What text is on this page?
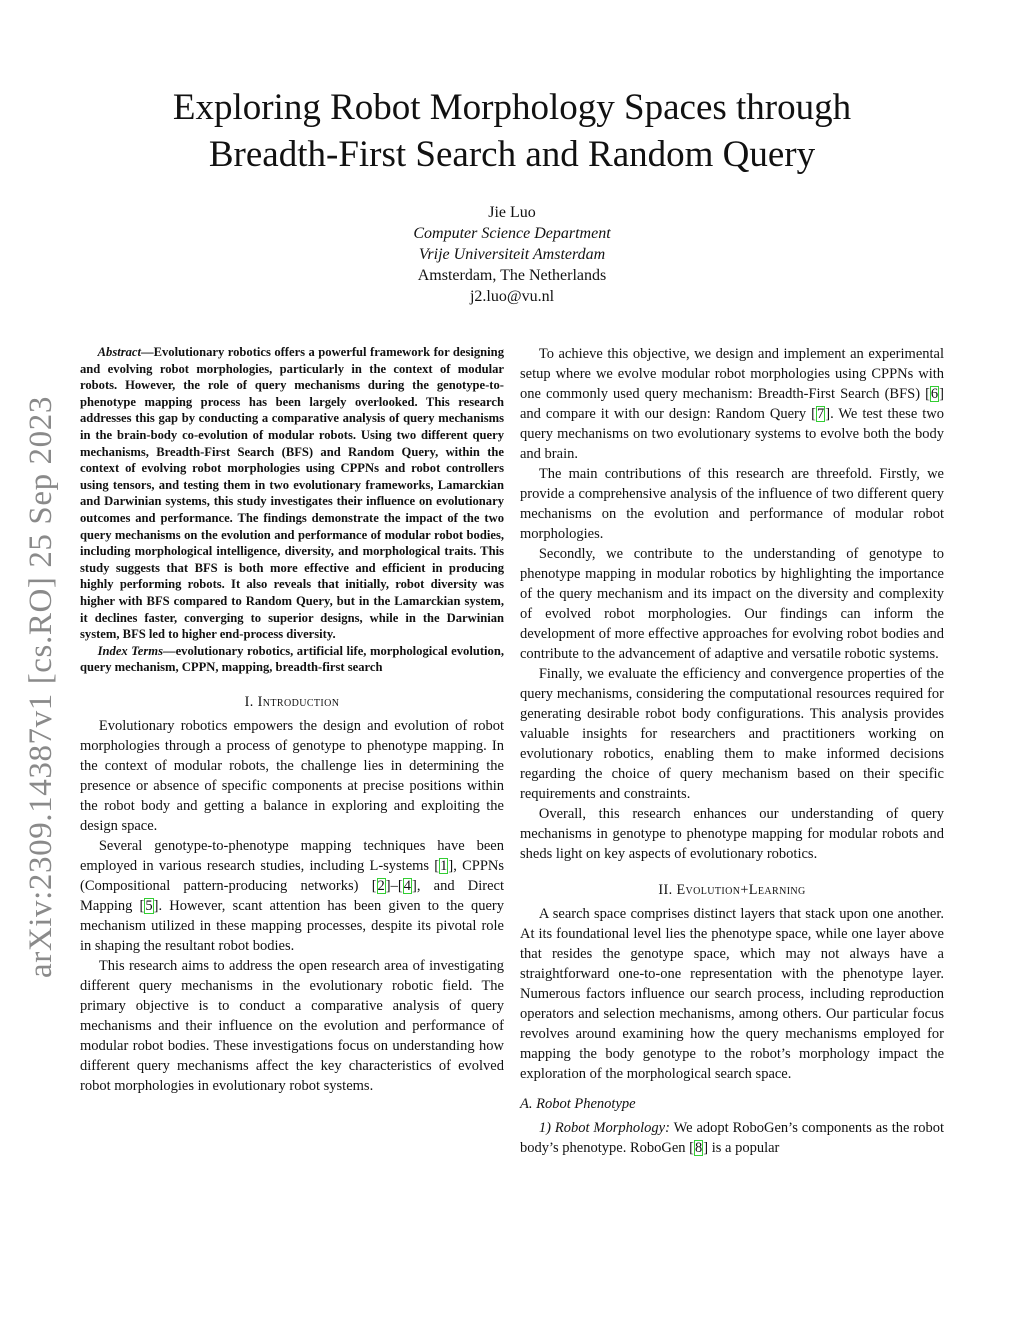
arXiv:2309.14387v1 [cs.RO] 25 Sep 2023
Exploring Robot Morphology Spaces through
Breadth-First Search and Random Query
Jie Luo
Computer Science Department
Vrije Universiteit Amsterdam
Amsterdam, The Netherlands
j2.luo@vu.nl

Abstract—Evolutionary robotics offers a powerful framework for designing and evolving robot morphologies, particularly in the context of modular robots. However, the role of query mechanisms during the genotype-to-phenotype mapping process has been largely overlooked. This research addresses this gap by conducting a comparative analysis of query mechanisms in the brain-body co-evolution of modular robots. Using two different query mechanisms, Breadth-First Search (BFS) and Random Query, within the context of evolving robot morphologies using CPPNs and robot controllers using tensors, and testing them in two evolutionary frameworks, Lamarckian and Darwinian systems, this study investigates their influence on evolutionary outcomes and performance. The findings demonstrate the impact of the two query mechanisms on the evolution and performance of modular robot bodies, including morphological intelligence, diversity, and morphological traits. This study suggests that BFS is both more effective and efficient in producing highly performing robots. It also reveals that initially, robot diversity was higher with BFS compared to Random Query, but in the Lamarckian system, it declines faster, converging to superior designs, while in the Darwinian system, BFS led to higher end-process diversity.

Index Terms—evolutionary robotics, artificial life, morphological evolution, query mechanism, CPPN, mapping, breadth-first search

I. Introduction

Evolutionary robotics empowers the design and evolution of robot morphologies through a process of genotype to phenotype mapping. In the context of modular robots, the challenge lies in determining the presence or absence of specific components at precise positions within the robot body and getting a balance in exploring and exploiting the design space.

Several genotype-to-phenotype mapping techniques have been employed in various research studies, including L-systems [1], CPPNs (Compositional pattern-producing networks) [2]–[4], and Direct Mapping [5]. However, scant attention has been given to the query mechanism utilized in these mapping processes, despite its pivotal role in shaping the resultant robot bodies.

This research aims to address the open research area of investigating different query mechanisms in the evolutionary robotic field. The primary objective is to conduct a comparative analysis of query mechanisms and their influence on the evolution and performance of modular robot bodies. These investigations focus on understanding how different query mechanisms affect the key characteristics of evolved robot morphologies in evolutionary robot systems.

To achieve this objective, we design and implement an experimental setup where we evolve modular robot morphologies using CPPNs with one commonly used query mechanism: Breadth-First Search (BFS) [6] and compare it with our design: Random Query [7]. We test these two query mechanisms on two evolutionary systems to evolve both the body and brain.

The main contributions of this research are threefold. Firstly, we provide a comprehensive analysis of the influence of two different query mechanisms on the evolution and performance of modular robot morphologies.

Secondly, we contribute to the understanding of genotype to phenotype mapping in modular robotics by highlighting the importance of the query mechanism and its impact on the diversity and complexity of evolved robot morphologies. Our findings can inform the development of more effective approaches for evolving robot bodies and contribute to the advancement of adaptive and versatile robotic systems.

Finally, we evaluate the efficiency and convergence properties of the query mechanisms, considering the computational resources required for generating desirable robot body configurations. This analysis provides valuable insights for researchers and practitioners working on evolutionary robotics, enabling them to make informed decisions regarding the choice of query mechanism based on their specific requirements and constraints.

Overall, this research enhances our understanding of query mechanisms in genotype to phenotype mapping for modular robots and sheds light on key aspects of evolutionary robotics.

II. Evolution+Learning

A search space comprises distinct layers that stack upon one another. At its foundational level lies the phenotype space, while one layer above that resides the genotype space, which may not always have a straightforward one-to-one representation with the phenotype layer. Numerous factors influence our search process, including reproduction operators and selection mechanisms, among others. Our particular focus revolves around examining how the query mechanisms employed for mapping the body genotype to the robot’s morphology impact the exploration of the morphological search space.

A. Robot Phenotype

1) Robot Morphology: We adopt RoboGen’s components as the robot body’s phenotype. RoboGen [8] is a popular
